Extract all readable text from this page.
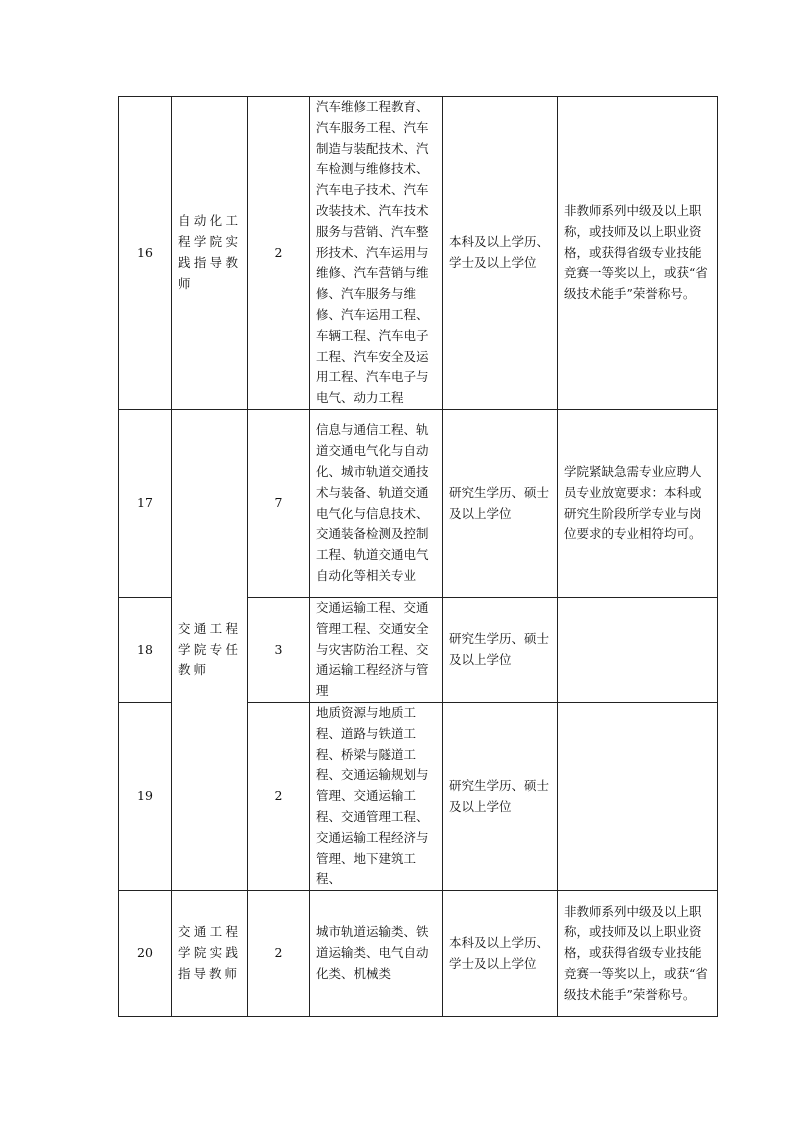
16	自动化工程学院实践指导教师	2	汽车维修工程教育、汽车服务工程、汽车制造与装配技术、汽车检测与维修技术、汽车电子技术、汽车改装技术、汽车技术服务与营销、汽车整形技术、汽车运用与维修、汽车营销与维修、汽车服务与维修、汽车运用工程、车辆工程、汽车电子工程、汽车安全及运用工程、汽车电子与电气、动力工程	本科及以上学历、学士及以上学位	非教师系列中级及以上职称，或技师及以上职业资格，或获得省级专业技能竞赛一等奖以上，或获“省级技术能手”荣誉称号。
17	交通工程学院专任教师	7	信息与通信工程、轨道交通电气化与自动化、城市轨道交通技术与装备、轨道交通电气化与信息技术、交通装备检测及控制工程、轨道交通电气自动化等相关专业	研究生学历、硕士及以上学位	学院紧缺急需专业应聘人员专业放宽要求：本科或研究生阶段所学专业与岗位要求的专业相符均可。
18		3	交通运输工程、交通管理工程、交通安全与灾害防治工程、交通运输工程经济与管理	研究生学历、硕士及以上学位	
19		2	地质资源与地质工程、道路与铁道工程、桥梁与隧道工程、交通运输规划与管理、交通运输工程、交通管理工程、交通运输工程经济与管理、地下建筑工程、	研究生学历、硕士及以上学位	
20	交通工程学院实践指导教师	2	城市轨道运输类、铁道运输类、电气自动化类、机械类	本科及以上学历、学士及以上学位	非教师系列中级及以上职称，或技师及以上职业资格，或获得省级专业技能竞赛一等奖以上，或获“省级技术能手”荣誉称号。
